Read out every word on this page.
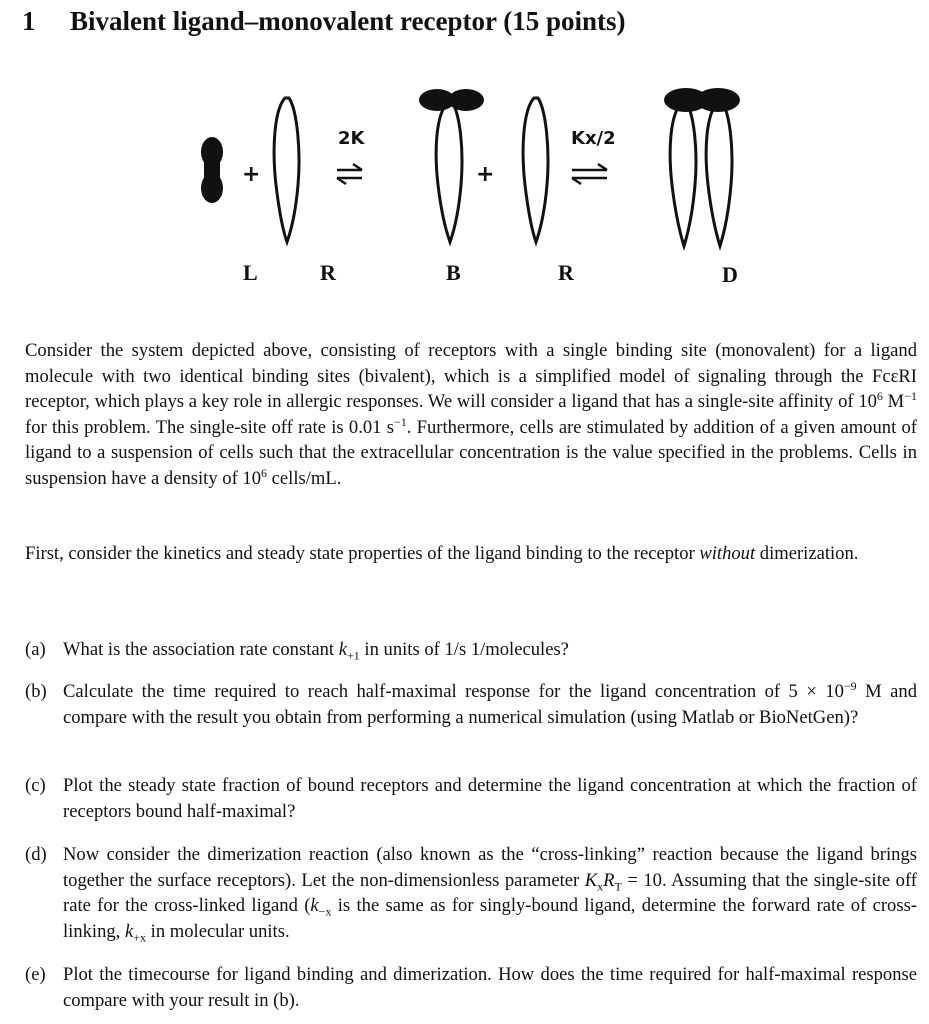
1 Bivalent ligand–monovalent receptor (15 points)
+	+
2K	Kx/2
L	R	B	R	D

Consider the system depicted above, consisting of receptors with a single binding site (monovalent) for a ligand molecule with two identical binding sites (bivalent), which is a simplified model of signaling through the FcεRI receptor, which plays a key role in allergic responses. We will consider a ligand that has a single-site affinity of $10^6$ $M^{-1}$ for this problem. The single-site off rate is 0.01 $s^{-1}$. Furthermore, cells are stimulated by addition of a given amount of ligand to a suspension of cells such that the extracellular concentration is the value specified in the problems. Cells in suspension have a density of $10^6$ cells/mL.

First, consider the kinetics and steady state properties of the ligand binding to the receptor without dimerization.

(a) What is the association rate constant $k_{+1}$ in units of 1/s 1/molecules?
(b) Calculate the time required to reach half-maximal response for the ligand concentration of $5 \times 10^{-9}$ M and compare with the result you obtain from performing a numerical simulation (using Matlab or BioNetGen)?
(c) Plot the steady state fraction of bound receptors and determine the ligand concentration at which the fraction of receptors bound half-maximal?
(d) Now consider the dimerization reaction (also known as the “cross-linking” reaction because the ligand brings together the surface receptors). Let the non-dimensionless parameter $K_xR_T = 10$. Assuming that the single-site off rate for the cross-linked ligand ($k_{-x}$ is the same as for singly-bound ligand, determine the forward rate of cross-linking, $k_{+x}$ in molecular units.
(e) Plot the timecourse for ligand binding and dimerization. How does the time required for half-maximal response compare with your result in (b).
